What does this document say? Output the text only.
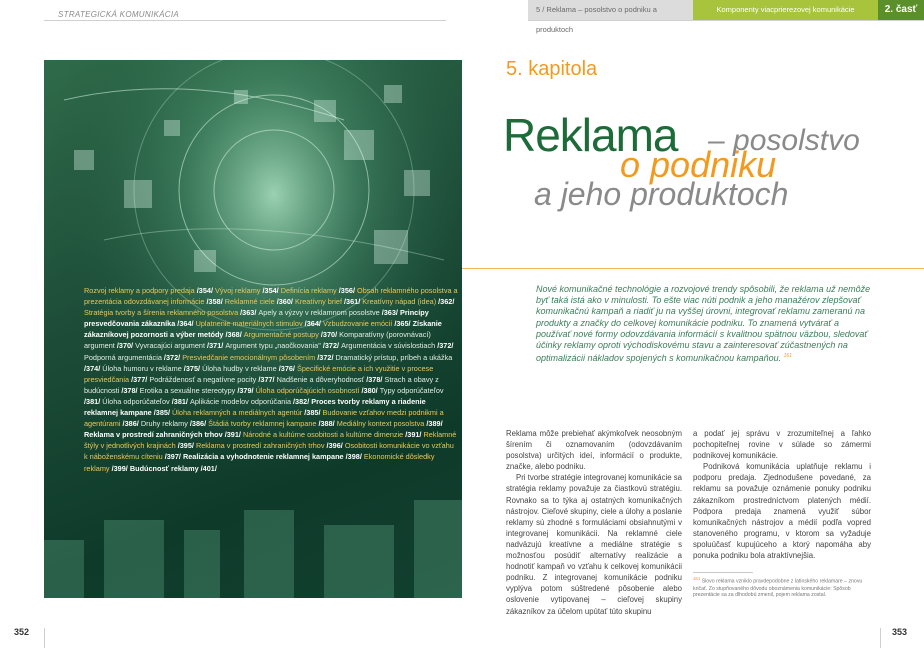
STRATEGICKÁ KOMUNIKÁCIA
5 / Reklama – posolstvo o podniku a produktoch
Komponenty viacprierezovej komunikácie	2. časť
Rozvoj reklamy a podpory predaja /354/ Vývoj reklamy /354/ Definícia reklamy /356/ Obsah reklamného posolstva a prezentácia odovzdávanej informácie /358/ Reklamné ciele /360/ Kreatívny brief /361/ Kreatívny nápad (idea) /362/ Stratégia tvorby a šírenia reklamného posolstva /363/ Apely a výzvy v reklamnom posolstve /363/ Princípy presvedčovania zákazníka /364/ Uplatnenie materiálnych stimulov /364/ Vzbudzovanie emócií /365/ Získanie zákazníkovej pozornosti a výber metódy /368/ Argumentačné postupy /370/ Komparatívny (porovnávací) argument /370/ Vyvracajúci argument /371/ Argument typu „naočkovania" /372/ Argumentácia v súvislostiach /372/ Podporná argumentácia /372/ Presviedčanie emocionálnym pôsobením /372/ Dramatický prístup, príbeh a ukážka /374/ Úloha humoru v reklame /375/ Úloha hudby v reklame /376/ Špecifické emócie a ich využitie v procese presviedčania /377/ Podráždenosť a negatívne pocity /377/ Nadšenie a dôveryhodnosť /378/ Strach a obavy z budúcnosti /378/ Erotika a sexuálne stereotypy /379/ Úloha odporúčajúcich osobností /380/ Typy odporúčateľov /381/ Úloha odporúčateľov /381/ Aplikácie modelov odporúčania /382/ Proces tvorby reklamy a riadenie reklamnej kampane /385/ Úloha reklamných a mediálnych agentúr /385/ Budovanie vzťahov medzi podnikmi a agentúrami /386/ Druhy reklamy /386/ Štádiá tvorby reklamnej kampane /388/ Mediálny kontext posolstva /389/ Reklama v prostredí zahraničných trhov /391/ Národné a kultúrne osobitosti a kultúrne dimenzie /391/ Reklamné štýly v jednotlivých krajinách /395/ Reklama v prostredí zahraničných trhov /396/ Osobitosti komunikácie vo vzťahu k náboženskému cíteniu /397/ Realizácia a vyhodnotenie reklamnej kampane /398/ Ekonomické dôsledky reklamy /399/ Budúcnosť reklamy /401/
5. kapitola
Reklama – posolstvo
o podniku
a jeho produktoch
Nové komunikačné technológie a rozvojové trendy spôsobili, že reklama už nemôže byť taká istá ako v minulosti. To ešte viac núti podnik a jeho manažérov zlepšovať komunikačnú kampaň a riadiť ju na vyššej úrovni, integrovať reklamu zameranú na produkty a značky do celkovej komunikácie podniku. To znamená vytvárať a používať nové formy odovzdávania informácií s kvalitnou spätnou väzbou, sledovať účinky reklamy oproti východiskovému stavu a zainteresovať zúčastnených na optimalizácii nákladov spojených s komunikačnou kampaňou. $^{161}$

Reklama môže prebiehať akýmkoľvek neosobným šírením či oznamovaním (odovzdávaním posolstva) určitých ideí, informácií o produkte, značke, alebo podniku.

Pri tvorbe stratégie integrovanej komunikácie sa stratégia reklamy považuje za čiastkovú stratégiu. Rovnako sa to týka aj ostatných komunikačných nástrojov. Cieľové skupiny, ciele a úlohy a poslanie reklamy sú zhodné s formuláciami obsiahnutými v integrovanej komunikácii. Na reklamné ciele nadväzujú kreatívne a mediálne stratégie s možnosťou posúdiť alternatívy realizácie a hodnotiť kampaň vo vzťahu k celkovej komunikácii podniku. Z integrovanej komunikácie podniku vyplýva potom súštredené pôsobenie alebo oslovenie vytipovanej – cieľovej skupiny zákazníkov za účelom upútať túto skupinu

a podať jej správu v zrozumiteľnej a ľahko pochopiteľnej rovine v súlade so zámermi podnikovej komunikácie.

Podniková komunikácia uplatňuje reklamu i podporu predaja. Zjednodušene povedané, za reklamu sa považuje oznámenie ponuky podniku zákazníkom prostredníctvom platených médií. Podpora predaja znamená využiť súbor komunikačných nástrojov a médií podľa vopred stanoveného programu, v ktorom sa vyžaduje spoluúčasť kupujúceho a ktorý napomáha aby ponuka podniku bola atraktívnejšia.

$^{161}$ Slovo reklama vzniklo pravdepodobne z latinského reklamare – znovu kričať. Zo stupňovaného dôvodu oboznámenia komunikácie: Spôsob prezentácie sa za dlhodobú zmenil, pojem reklama zostal.
352	353
